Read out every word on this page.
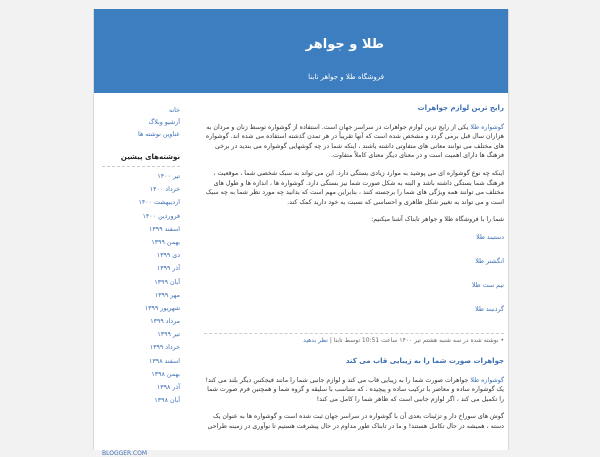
طلا و جواهر
فروشگاه طلا و جواهر تابنا
رایج ترین لوازم جواهرات

گوشواره طلا یکی از رایج ترین لوازم جواهرات در سراسر جهان است. استفاده از گوشواره توسط زنان و مردان به هزاران سال قبل برمی گردد و مشخص شده است که آنها تقریباً در هر تمدن گذشته استفاده می شده اند. گوشواره های مختلف می توانند معانی های متفاوتی داشته باشند ، اینکه شما در چه گوشهایی گوشواره می بندید در برخی فرهنگ ها دارای اهمیت است و در معنای دیگر معنای کاملاً متفاوت.

اینکه چه نوع گوشواره ای می پوشید به موارد زیادی بستگی دارد. این می تواند به سبک شخصی شما ، موقعیت ، فرهنگ شما بستگی داشته باشد و البته به شکل صورت شما نیز بستگی دارد. گوشواره ها ، اندازه ها و طول های مختلف می توانند همه ویژگی های شما را برجسته کنند ، بنابراین مهم است که بدانید چه مورد نظر شما به چه سبک است و می تواند به تغییر شکل ظاهری و احساسی که نسبت به خود دارید کمک کند.

شما را با فروشگاه طلا و جواهر تابناک آشنا میکنیم:

دستبند طلا
انگشتر طلا
نیم ست طلا
گردنبند طلا
• نوشته شده در سه شنبه هشتم تیر ۱۴۰۰ ساعت 10:51 توسط تابنا | نظر بدهید
جواهرات صورت شما را به زیبایی قاب می کند

گوشواره طلا جواهرات صورت شما را به زیبایی قاب می کند و لوازم جانبی شما را مانند فیجکس دیگر بلند می کند! یک گوشواره ساده و معاصر با ترکیب ساده و پیچیده ، که متناسب با سلیقه و گروه شما و همچنین فرم صورت شما را تکمیل می کند ، اگر لوازم جانبی است که ظاهر شما را کامل می کند!

گوش های سوراخ دار و تزئینات بعدی آن با گوشواره در سراسر جهان ثبت شده است و گوشواره ها به عنوان یک دسته ، همیشه در حال تکامل هستند! و ما در تابناک طور مداوم در حال پیشرفت هستیم تا نوآوری در زمینه طراحی

خانه
آرشیو وبلاگ
عناوین نوشته ها
نوشته‌های پیشین
تیر ۱۴۰۰
خرداد ۱۴۰۰
اردیبهشت ۱۴۰۰
فروردین ۱۴۰۰
اسفند ۱۳۹۹
بهمن ۱۳۹۹
دی ۱۳۹۹
آذر ۱۳۹۹
آبان ۱۳۹۹
مهر ۱۳۹۹
شهریور ۱۳۹۹
مرداد ۱۳۹۹
تیر ۱۳۹۹
خرداد ۱۳۹۹
اسفند ۱۳۹۸
بهمن ۱۳۹۸
آذر ۱۳۹۸
آبان ۱۳۹۸
BLOGGER.COM
